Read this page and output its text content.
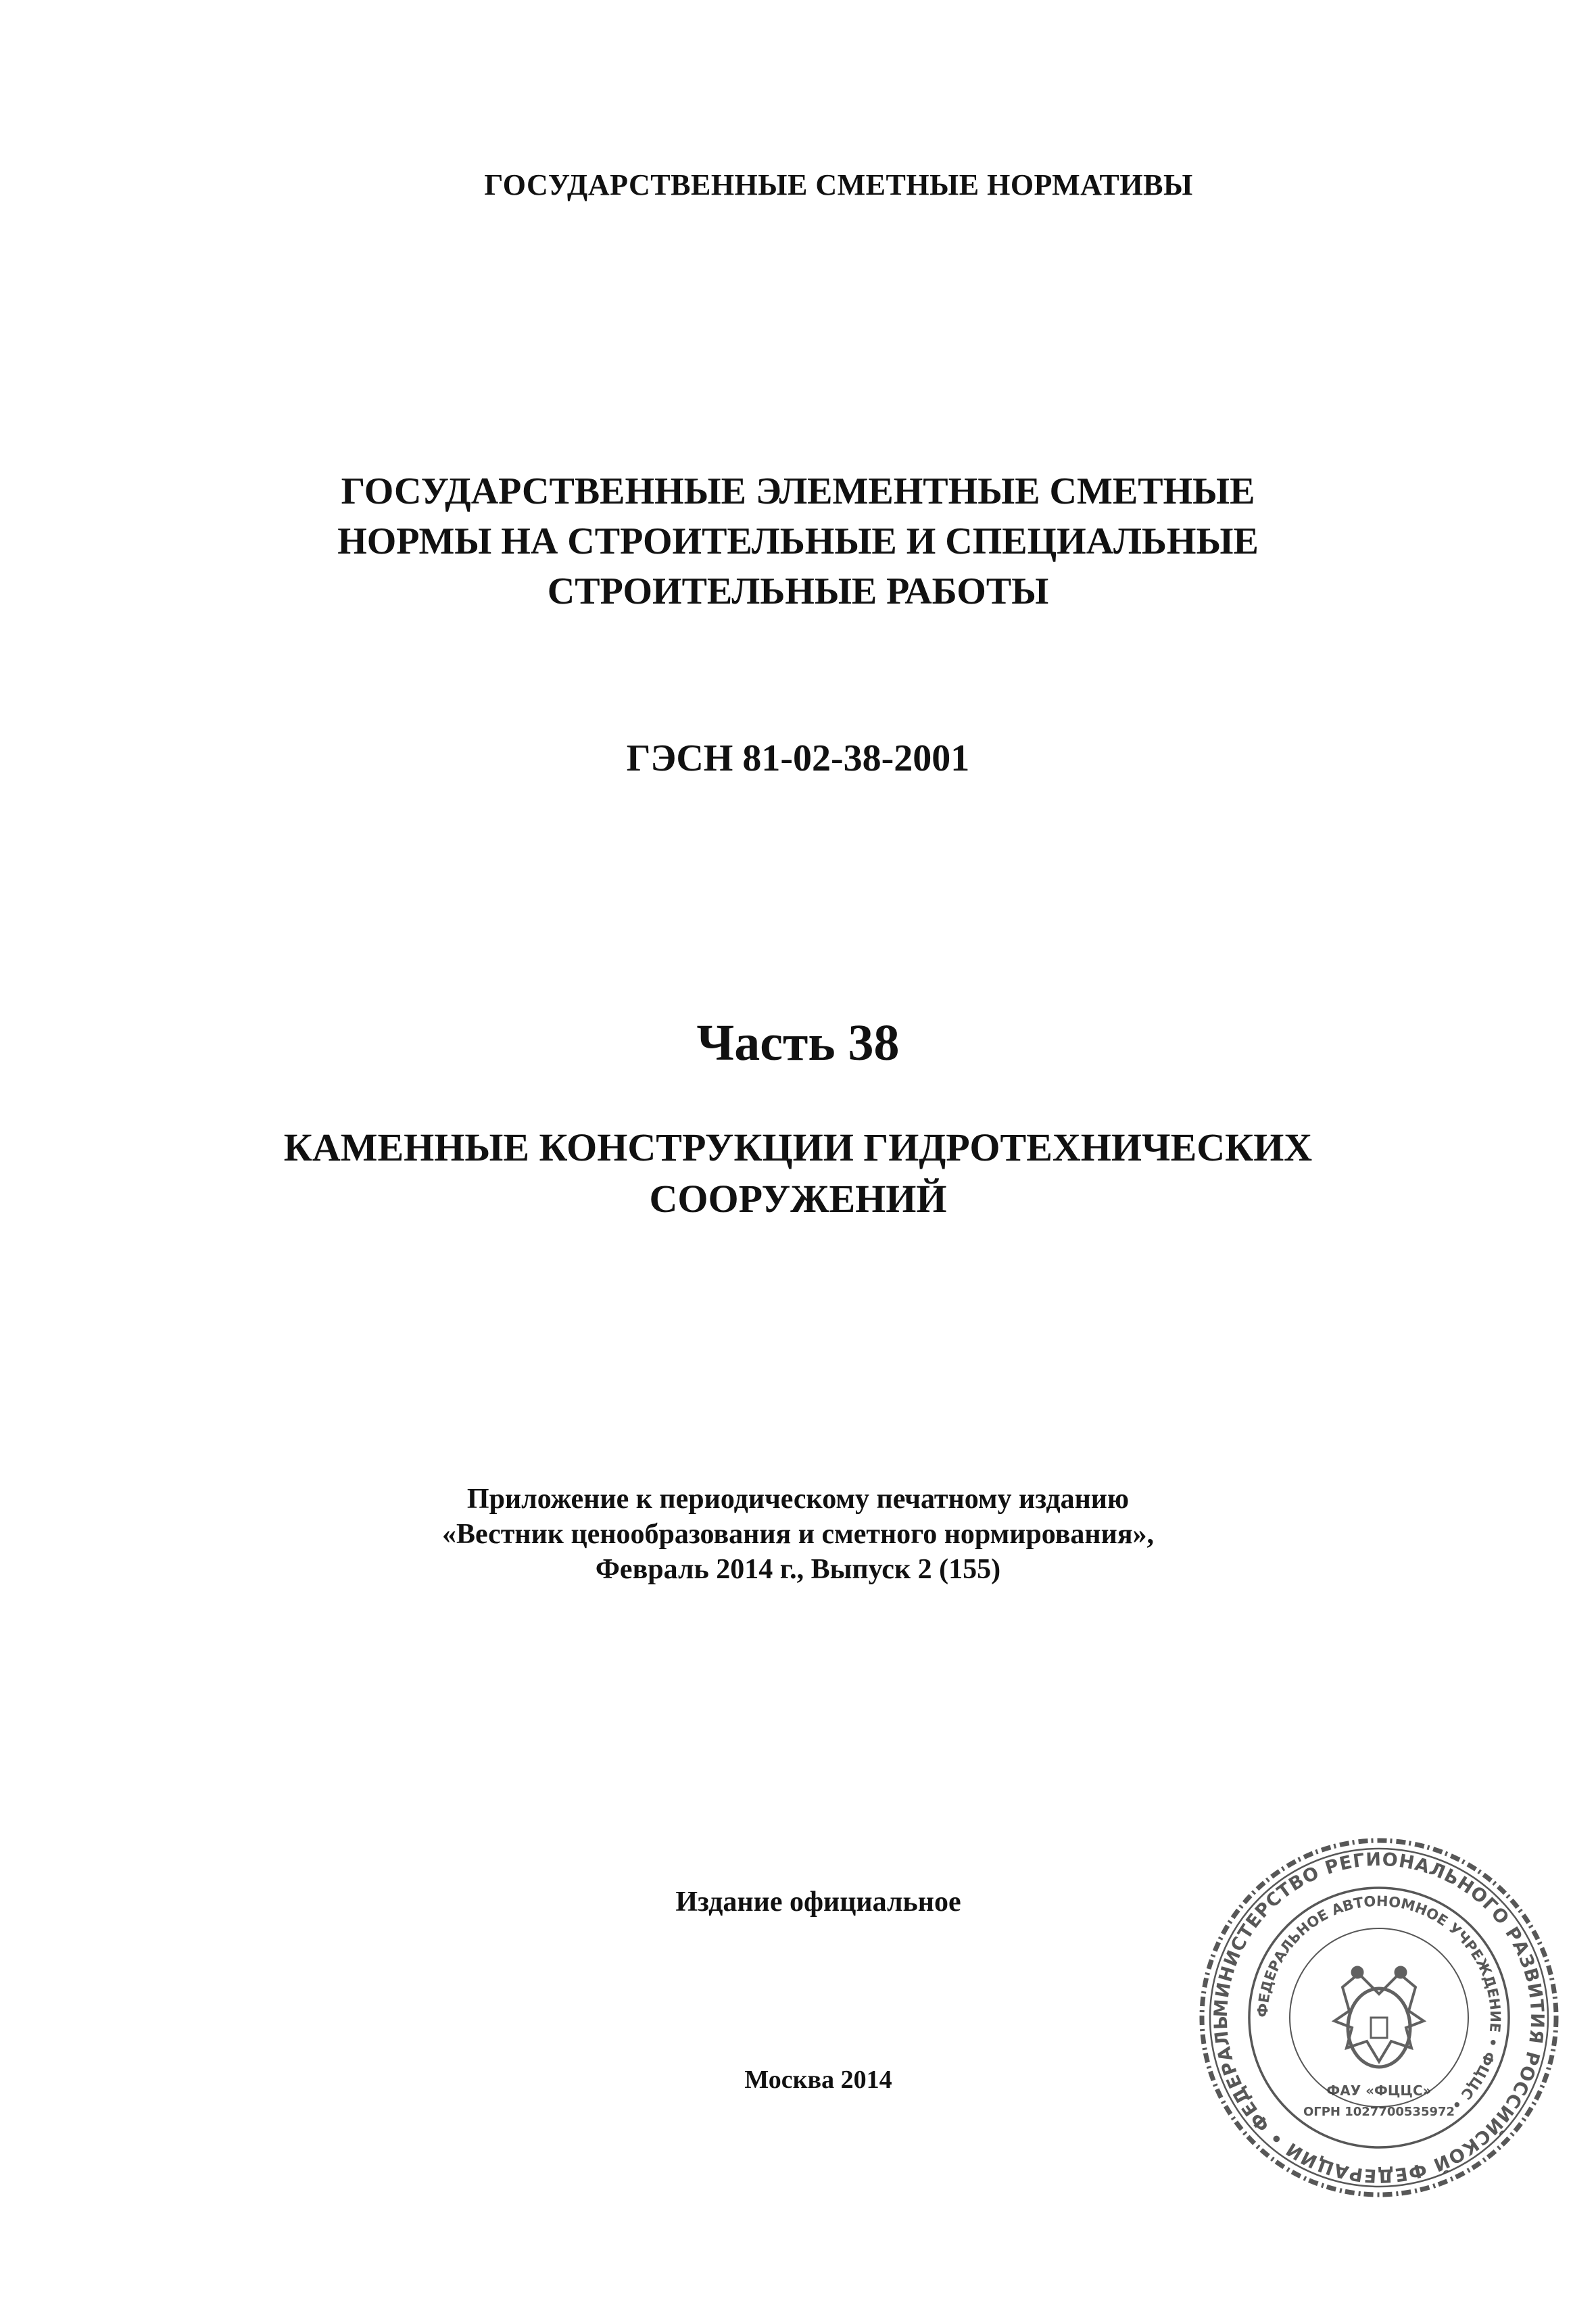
ГОСУДАРСТВЕННЫЕ СМЕТНЫЕ НОРМАТИВЫ

ГОСУДАРСТВЕННЫЕ ЭЛЕМЕНТНЫЕ СМЕТНЫЕ
НОРМЫ НА СТРОИТЕЛЬНЫЕ И СПЕЦИАЛЬНЫЕ
СТРОИТЕЛЬНЫЕ РАБОТЫ

ГЭСН 81-02-38-2001

Часть 38

КАМЕННЫЕ КОНСТРУКЦИИ ГИДРОТЕХНИЧЕСКИХ
СООРУЖЕНИЙ
Приложение к периодическому печатному изданию
«Вестник ценообразования и сметного нормирования»,
Февраль 2014 г., Выпуск 2 (155)

Издание официальное

Москва 2014

МИНИСТЕРСТВО РЕГИОНАЛЬНОГО РАЗВИТИЯ РОССИЙСКОЙ ФЕДЕРАЦИИ • ФЕДЕРАЛЬ
ФЕДЕРАЛЬНОЕ АВТОНОМНОЕ УЧРЕЖДЕНИЕ • ФЦЦС •
ФАУ «ФЦЦС»
ОГРН 1027700535972
